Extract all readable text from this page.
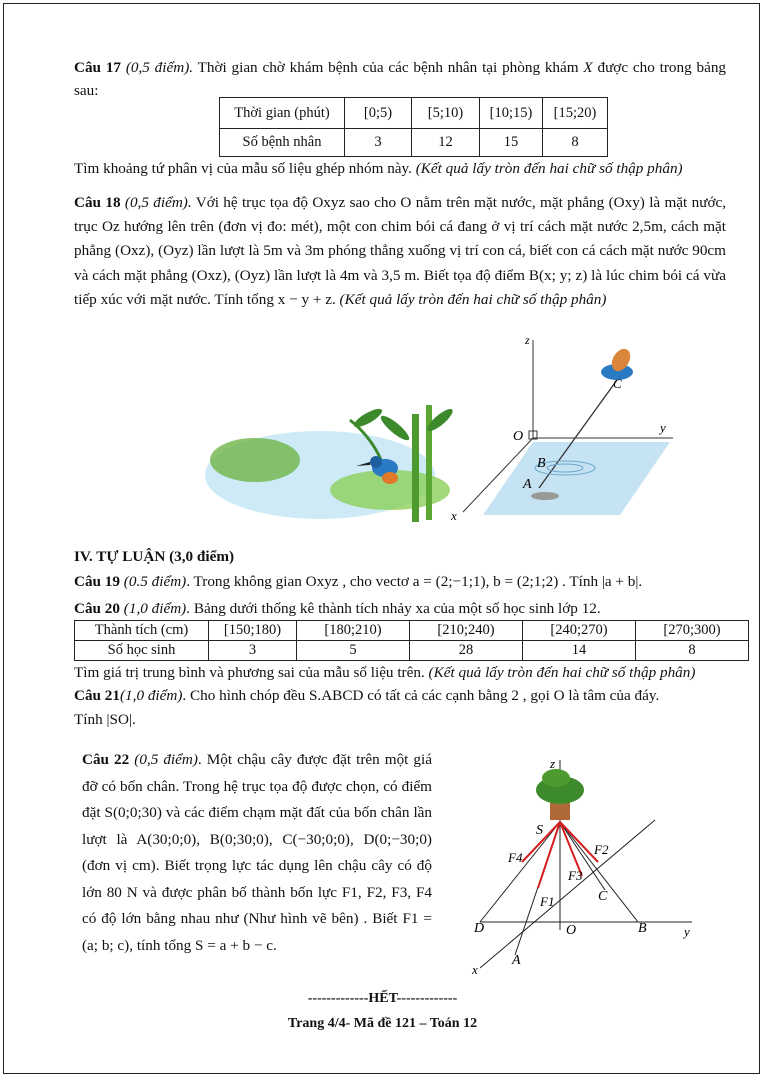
Câu 17 (0,5 điểm). Thời gian chờ khám bệnh của các bệnh nhân tại phòng khám X được cho trong bảng sau:
Thời gian (phút)	[0;5)	[5;10)	[10;15)	[15;20)
Số bệnh nhân	3	12	15	8
Tìm khoảng tứ phân vị của mẫu số liệu ghép nhóm này. (Kết quả lấy tròn đến hai chữ số thập phân)
Câu 18 (0,5 điểm). Với hệ trục tọa độ Oxyz sao cho O nằm trên mặt nước, mặt phẳng (Oxy) là mặt nước, trục Oz hướng lên trên (đơn vị đo: mét), một con chim bói cá đang ở vị trí cách mặt nước 2,5m, cách mặt phẳng (Oxz), (Oyz) lần lượt là 5m và 3m phóng thẳng xuống vị trí con cá, biết con cá cách mặt nước 90cm và cách mặt phẳng (Oxz), (Oyz) lần lượt là 4m và 3,5 m. Biết tọa độ điểm B(x; y; z) là lúc chim bói cá vừa tiếp xúc với mặt nước. Tính tổng x − y + z. (Kết quả lấy tròn đến hai chữ số thập phân)
z
y
x
O
C
B
A
IV. TỰ LUẬN (3,0 điểm)
Câu 19 (0.5 điểm). Trong không gian Oxyz , cho vectơ a = (2;−1;1), b = (2;1;2) . Tính |a + b|.
Câu 20 (1,0 điểm). Bảng dưới thống kê thành tích nhảy xa của một số học sinh lớp 12.
Thành tích (cm)	[150;180)	[180;210)	[210;240)	[240;270)	[270;300)
Số học sinh	3	5	28	14	8
Tìm giá trị trung bình và phương sai của mẫu số liệu trên. (Kết quả lấy tròn đến hai chữ số thập phân)
Câu 21(1,0 điểm). Cho hình chóp đều S.ABCD có tất cả các cạnh bằng 2 , gọi O là tâm của đáy.
Tính |SO|.
Câu 22 (0,5 điểm). Một chậu cây được đặt trên một giá đỡ có bốn chân. Trong hệ trục tọa độ được chọn, có điểm đặt S(0;0;30) và các điểm chạm mặt đất của bốn chân lần lượt là A(30;0;0), B(0;30;0), C(−30;0;0), D(0;−30;0) (đơn vị cm). Biết trọng lực tác dụng lên chậu cây có độ lớn 80 N và được phân bố thành bốn lực F1, F2, F3, F4 có độ lớn bằng nhau như (Như hình vẽ bên) . Biết F1 = (a; b; c), tính tổng S = a + b − c.
z
S
F1
F2
F3
F4
C
D	O	B
A
x
y
-------------HẾT-------------
Trang 4/4- Mã đề 121 – Toán 12
